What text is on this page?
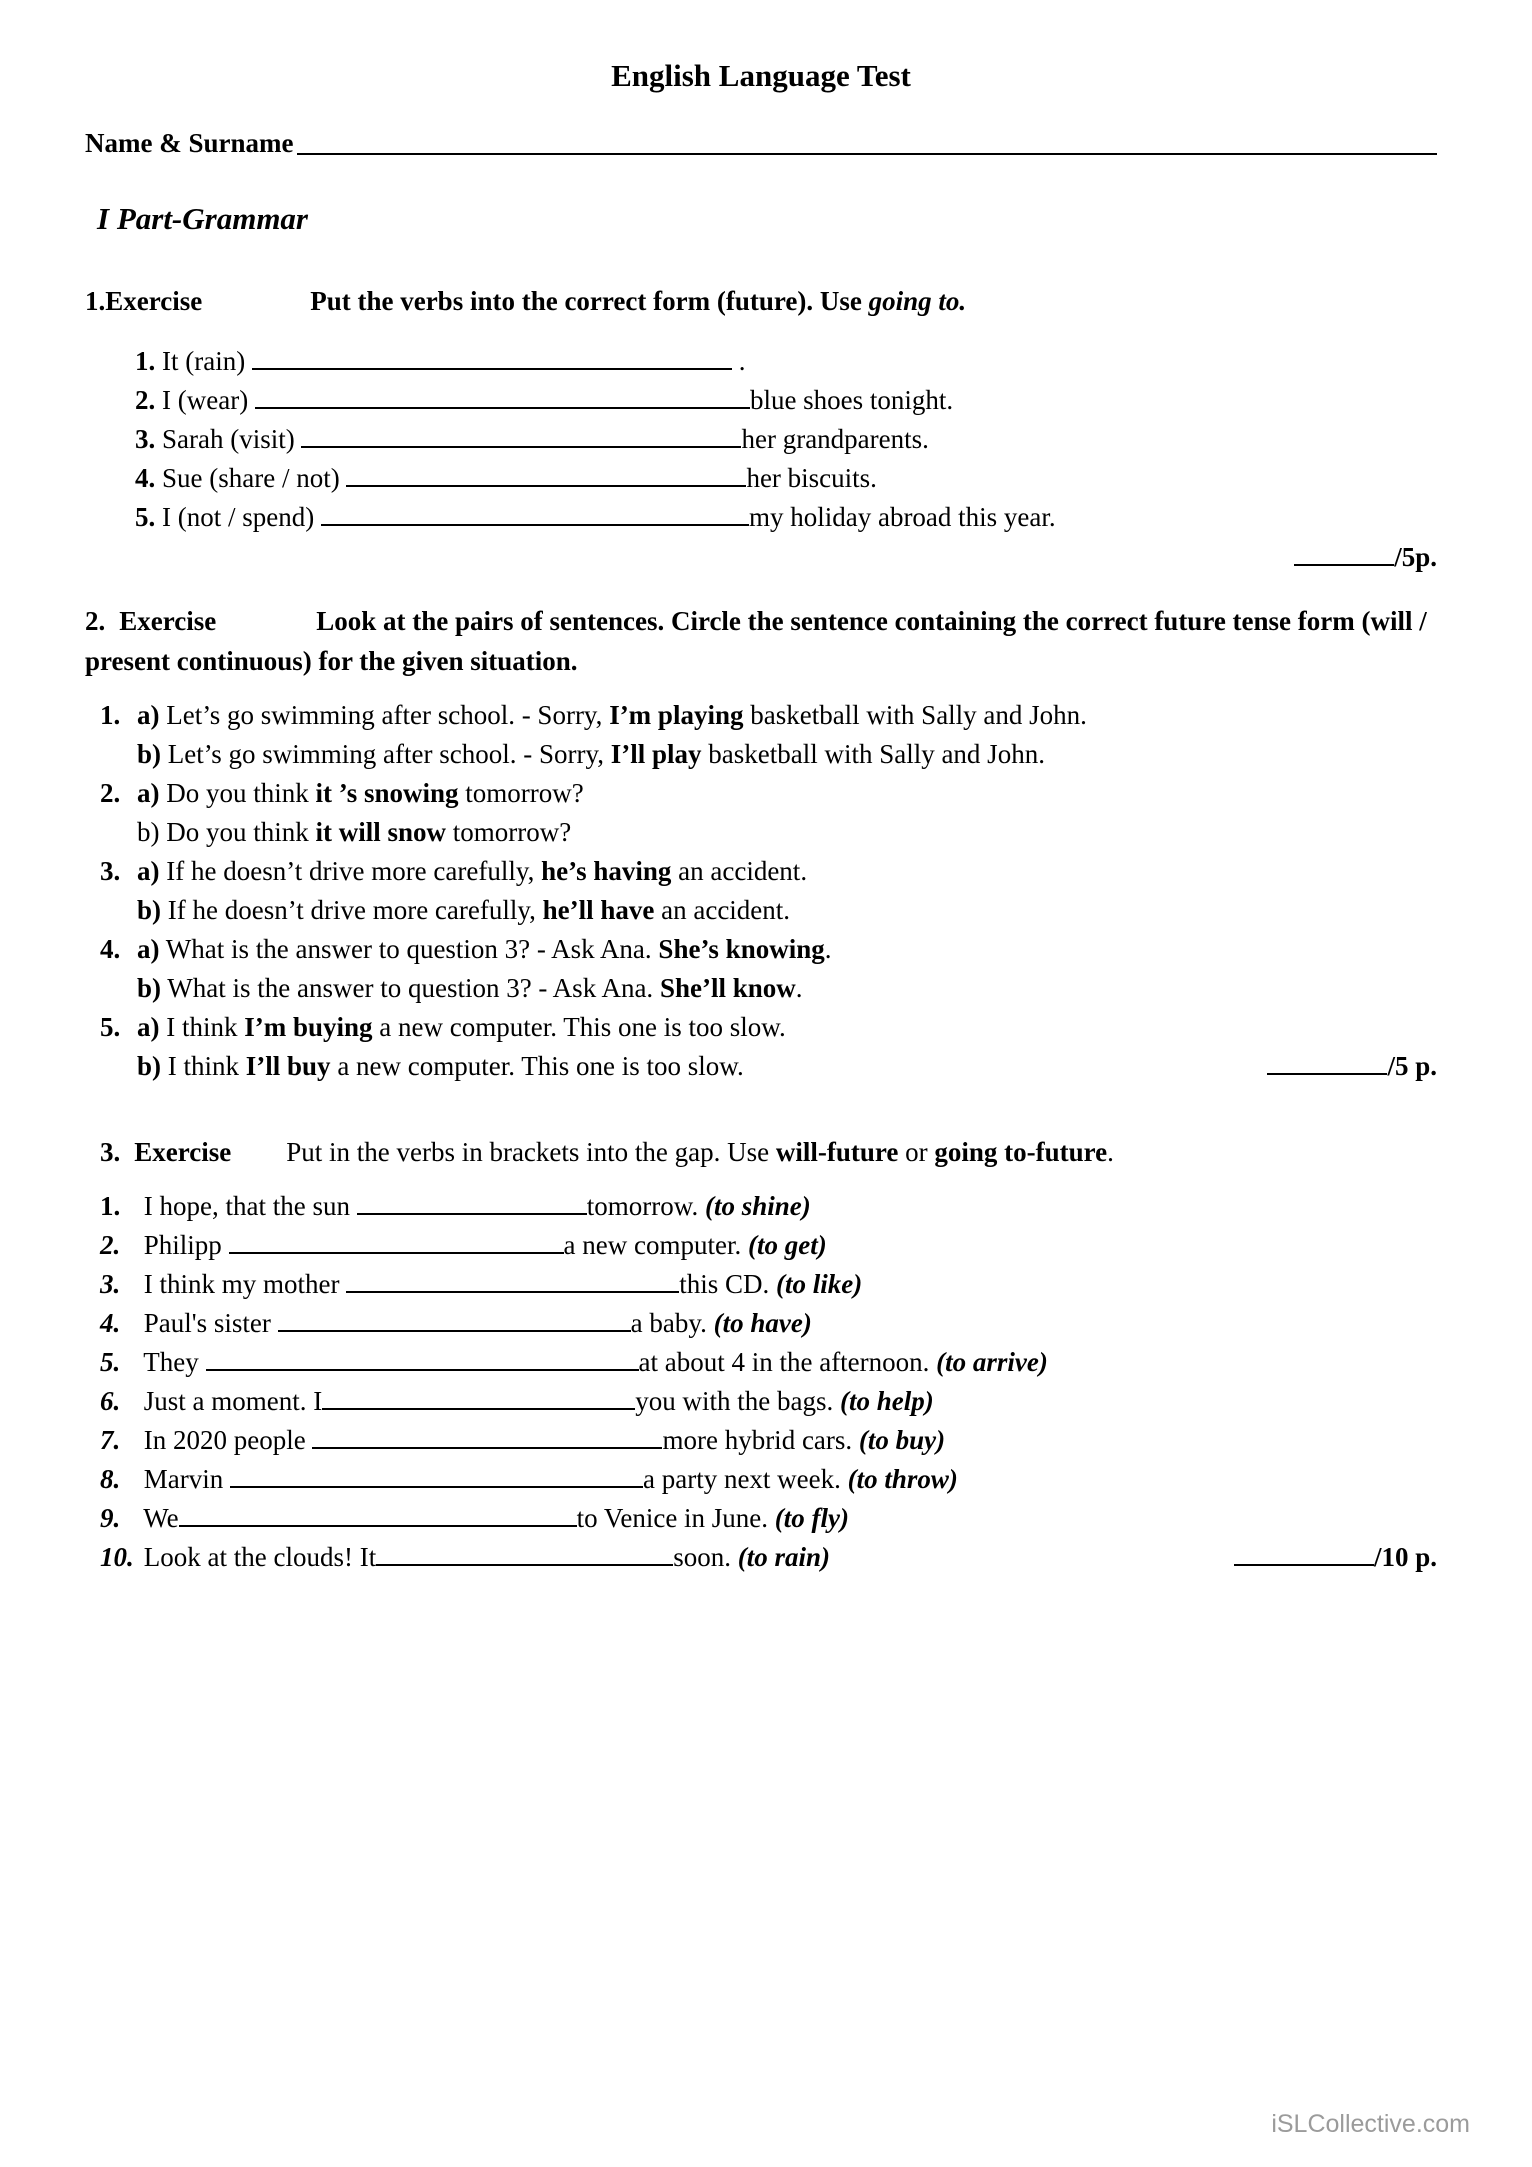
English Language Test
Name & Surname
I Part-Grammar
1.Exercise	Put the verbs into the correct form (future). Use going to.
1. It (rain)	.
2. I (wear)	blue shoes tonight.
3. Sarah (visit)	her grandparents.
4. Sue (share / not)	her biscuits.
5. I (not / spend)	my holiday abroad this year.
/5p.
2. Exercise	Look at the pairs of sentences. Circle the sentence containing the correct future tense form (will / present continuous) for the given situation.
1. a) Let’s go swimming after school. - Sorry, I’m playing basketball with Sally and John.
b) Let’s go swimming after school. - Sorry, I’ll play basketball with Sally and John.
2. a) Do you think it ’s snowing tomorrow?
b) Do you think it will snow tomorrow?
3. a) If he doesn’t drive more carefully, he’s having an accident.
b) If he doesn’t drive more carefully, he’ll have an accident.
4. a) What is the answer to question 3? - Ask Ana. She’s knowing.
b) What is the answer to question 3? - Ask Ana. She’ll know.
5. a) I think I’m buying a new computer. This one is too slow.
b) I think I’ll buy a new computer. This one is too slow.	/5 p.
3. Exercise Put in the verbs in brackets into the gap. Use will-future or going to-future.
1. I hope, that the sun	tomorrow. (to shine)
2. Philipp	a new computer. (to get)
3. I think my mother	this CD. (to like)
4. Paul's sister	a baby. (to have)
5. They	at about 4 in the afternoon. (to arrive)
6. Just a moment. I	you with the bags. (to help)
7. In 2020 people	more hybrid cars. (to buy)
8. Marvin	a party next week. (to throw)
9. We	to Venice in June. (to fly)
10. Look at the clouds! It	soon. (to rain)	/10 p.
iSLCollective.com
